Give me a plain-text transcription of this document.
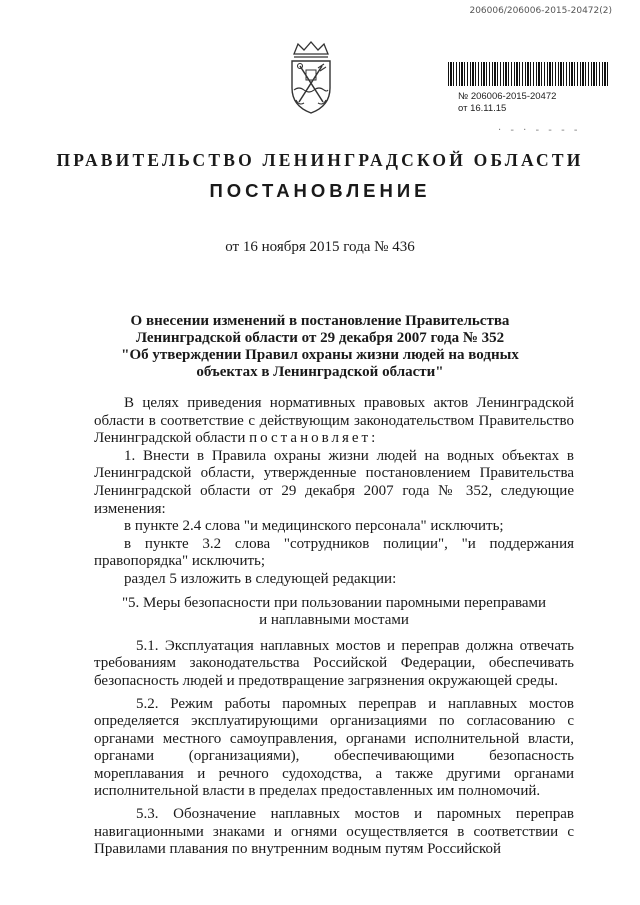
206006/206006-2015-20472(2)
№ 206006-2015-20472
от 16.11.15
· - · - - - -
ПРАВИТЕЛЬСТВО ЛЕНИНГРАДСКОЙ ОБЛАСТИ
ПОСТАНОВЛЕНИЕ
от 16 ноября 2015 года № 436
О внесении изменений в постановление Правительства
Ленинградской области от 29 декабря 2007 года № 352
"Об утверждении Правил охраны жизни людей на водных
объектах в Ленинградской области"

В целях приведения нормативных правовых актов Ленинградской области в соответствие с действующим законодательством Правительство Ленинградской области постановляет:

1. Внести в Правила охраны жизни людей на водных объектах в Ленинградской области, утвержденные постановлением Правительства Ленинградской области от 29 декабря 2007 года № 352, следующие изменения:

в пункте 2.4 слова "и медицинского персонала" исключить;

в пункте 3.2 слова "сотрудников полиции", "и поддержания правопорядка" исключить;

раздел 5 изложить в следующей редакции:

"5. Меры безопасности при пользовании паромными переправами
и наплавными мостами

5.1. Эксплуатация наплавных мостов и переправ должна отвечать требованиям законодательства Российской Федерации, обеспечивать безопасность людей и предотвращение загрязнения окружающей среды.

5.2. Режим работы паромных переправ и наплавных мостов определяется эксплуатирующими организациями по согласованию с органами местного самоуправления, органами исполнительной власти, органами (организациями), обеспечивающими безопасность мореплавания и речного судоходства, а также другими органами исполнительной власти в пределах предоставленных им полномочий.

5.3. Обозначение наплавных мостов и паромных переправ навигационными знаками и огнями осуществляется в соответствии с Правилами плавания по внутренним водным путям Российской
